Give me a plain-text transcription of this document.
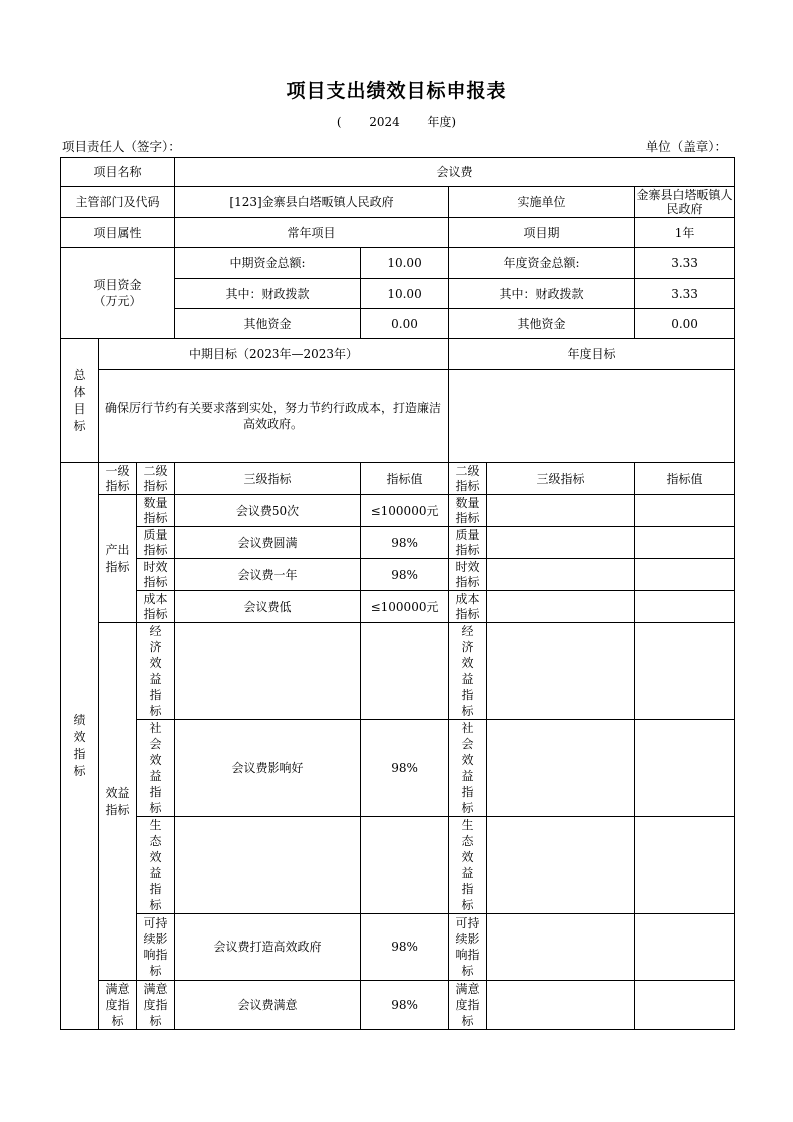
项目支出绩效目标申报表
( 2024 年度)
项目责任人（签字）：	单位（盖章）：
项目名称			会议费				
主管部门及代码			[123]金寨县白塔畈镇人民政府		实施单位		金寨县白塔畈镇人民政府
项目属性			常年项目		项目期		1年
项目资金（万元）			中期资金总额:	10.00	年度资金总额:		3.33
			其中：财政拨款	10.00	其中：财政拨款		3.33
			其他资金	0.00	其他资金		0.00
总体目标	中期目标（2023年—2023年）				年度目标		
	确保厉行节约有关要求落到实处，努力节约行政成本，打造廉洁高效政府。						
绩效指标	一级指标	二级指标	三级指标	指标值	二级指标	三级指标	指标值
	产出指标	数量指标	会议费50次	≤100000元	数量指标		
		质量指标	会议费圆满	98%	质量指标		
		时效指标	会议费一年	98%	时效指标		
		成本指标	会议费低	≤100000元	成本指标		
	效益指标	经济效益指标			经济效益指标		
		社会效益指标	会议费影响好	98%	社会效益指标		
		生态效益指标			生态效益指标		
		可持续影响指标	会议费打造高效政府	98%	可持续影响指标		
	满意度指标	满意度指标	会议费满意	98%	满意度指标		
